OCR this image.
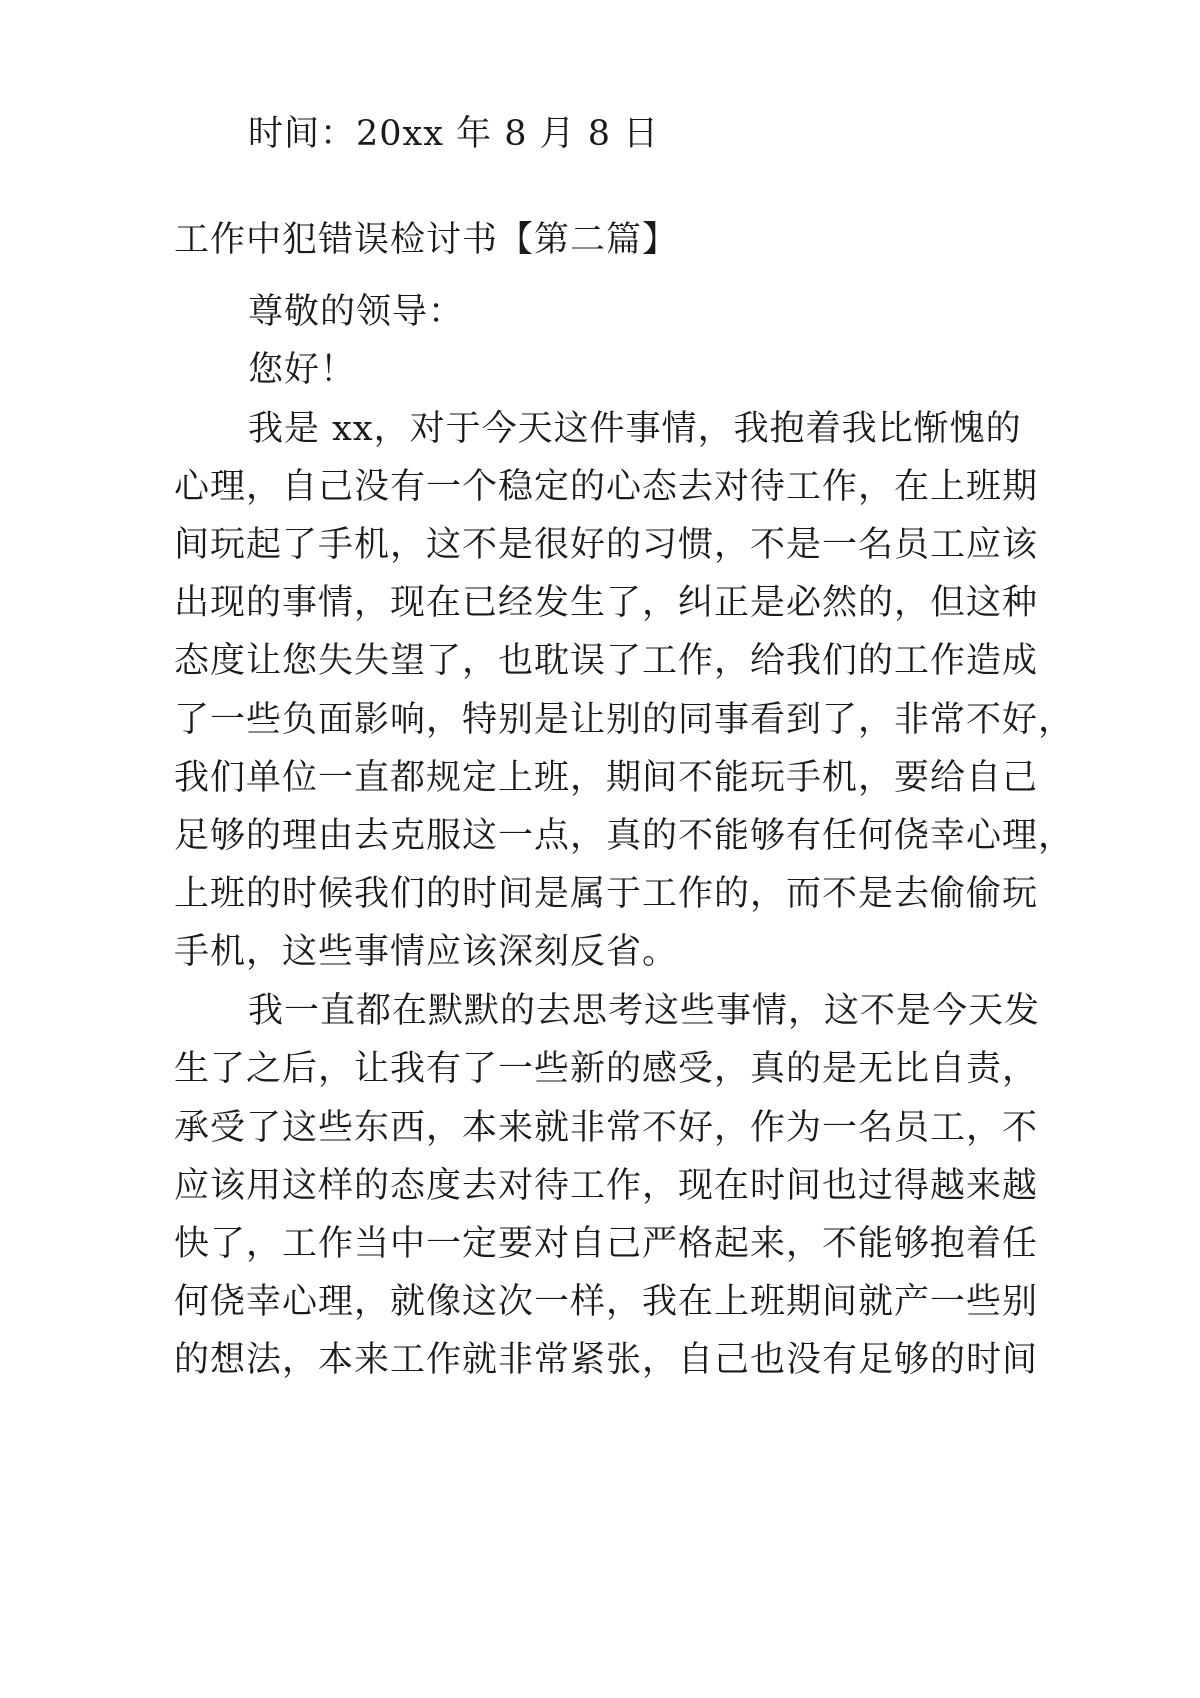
时间：20xx 年 8 月 8 日
工作中犯错误检讨书【第二篇】
尊敬的领导：
您好！
我是 xx，对于今天这件事情，我抱着我比惭愧的
心理，自己没有一个稳定的心态去对待工作，在上班期
间玩起了手机，这不是很好的习惯，不是一名员工应该
出现的事情，现在已经发生了，纠正是必然的，但这种
态度让您失失望了，也耽误了工作，给我们的工作造成
了一些负面影响，特别是让别的同事看到了，非常不好，
我们单位一直都规定上班，期间不能玩手机，要给自己
足够的理由去克服这一点，真的不能够有任何侥幸心理，
上班的时候我们的时间是属于工作的，而不是去偷偷玩
手机，这些事情应该深刻反省。
我一直都在默默的去思考这些事情，这不是今天发
生了之后，让我有了一些新的感受，真的是无比自责，
承受了这些东西，本来就非常不好，作为一名员工，不
应该用这样的态度去对待工作，现在时间也过得越来越
快了，工作当中一定要对自己严格起来，不能够抱着任
何侥幸心理，就像这次一样，我在上班期间就产一些别
的想法，本来工作就非常紧张，自己也没有足够的时间
